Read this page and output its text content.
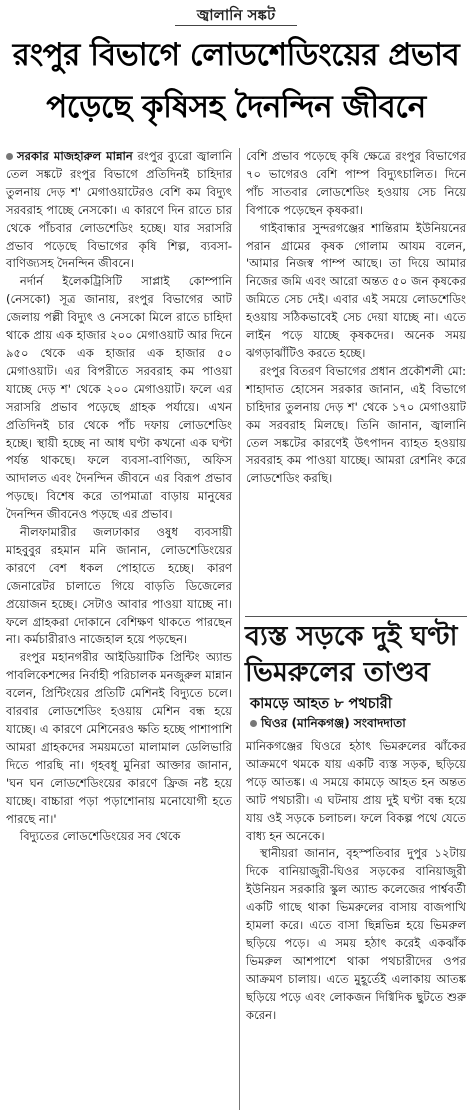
জ্বালানি সঙ্কট
রংপুর বিভাগে লোডশেডিংয়ের প্রভাব
পড়েছে কৃষিসহ দৈনন্দিন জীবনে

সরকার মাজহারুল মান্নান রংপুর ব্যুরো জ্বালানি তেল সঙ্কটে রংপুর বিভাগে প্রতিদিনই চাহিদার তুলনায় দেড় শ' মেগাওয়াটেরও বেশি কম বিদ্যুৎ সরবরাহ পাচ্ছে নেসকো। এ কারণে দিন রাতে চার থেকে পাঁচবার লোডশেডিং হচ্ছে। যার সরাসরি প্রভাব পড়েছে বিভাগের কৃষি শিল্প, ব্যবসা-বাণিজ্যসহ দৈনন্দিন জীবনে।

নর্দার্ন ইলেকট্রিসিটি সাপ্লাই কোম্পানি (নেসকো) সূত্র জানায়, রংপুর বিভাগের আট জেলায় পল্লী বিদ্যুৎ ও নেসকো মিলে রাতে চাহিদা থাকে প্রায় এক হাজার ২০০ মেগাওয়াট আর দিনে ৯৫০ থেকে এক হাজার এক হাজার ৫০ মেগাওয়াট। এর বিপরীতে সরবরাহ কম পাওয়া যাচ্ছে দেড় শ' থেকে ২০০ মেগাওয়াট। ফলে এর সরাসরি প্রভাব পড়েছে গ্রাহক পর্যায়ে। এখন প্রতিদিনই চার থেকে পাঁচ দফায় লোডশেডিং হচ্ছে। স্থায়ী হচ্ছে না আধ ঘণ্টা কখনো এক ঘণ্টা পর্যন্ত থাকছে। ফলে ব্যবসা-বাণিজ্য, অফিস আদালত এবং দৈনন্দিন জীবনে এর বিরূপ প্রভাব পড়ছে। বিশেষ করে তাপমাত্রা বাড়ায় মানুষের দৈনন্দিন জীবনেও পড়ছে এর প্রভাব।

নীলফামারীর জলঢাকার ওষুধ ব্যবসায়ী মাহবুবুর রহমান মনি জানান, লোডশেডিংয়ের কারণে বেশ ধকল পোহাতে হচ্ছে। কারণ জেনারেটর চালাতে গিয়ে বাড়তি ডিজেলের প্রয়োজন হচ্ছে। সেটাও আবার পাওয়া যাচ্ছে না। ফলে গ্রাহকরা দোকানে বেশিক্ষণ থাকতে পারছেন না। কর্মচারীরাও নাজেহাল হয়ে পড়ছেন।

রংপুর মহানগরীর আইডিয়াটিক প্রিন্টিং অ্যান্ড পাবলিকেশন্সের নির্বাহী পরিচালক মনজুরুল মান্নান বলেন, প্রিন্টিংয়ের প্রতিটি মেশিনই বিদ্যুতে চলে। বারবার লোডশেডিং হওয়ায় মেশিন বন্ধ হয়ে যাচ্ছে। এ কারণে মেশিনেরও ক্ষতি হচ্ছে পাশাপাশি আমরা গ্রাহকদের সময়মতো মালামাল ডেলিভারি দিতে পারছি না। গৃহবধূ মুনিরা আক্তার জানান, 'ঘন ঘন লোডশেডিংয়ের কারণে ফ্রিজ নষ্ট হয়ে যাচ্ছে। বাচ্চারা পড়া পড়াশোনায় মনোযোগী হতে পারছে না।'

বিদ্যুতের লোডশেডিংয়ের সব থেকে

বেশি প্রভাব পড়েছে কৃষি ক্ষেত্রে রংপুর বিভাগের ৭০ ভাগেরও বেশি পাম্প বিদ্যুৎচালিত। দিনে পাঁচ সাতবার লোডশেডিং হওয়ায় সেচ নিয়ে বিপাকে পড়েছেন কৃষকরা।

গাইবান্ধার সুন্দরগঞ্জের শান্তিরাম ইউনিয়নের পরান গ্রামের কৃষক গোলাম আযম বলেন, 'আমার নিজস্ব পাম্প আছে। তা দিয়ে আমার নিজের জমি এবং আরো অন্তত ৫০ জন কৃষকের জমিতে সেচ দেই। এবার এই সময়ে লোডশেডিং হওয়ায় সঠিকভাবেই সেচ দেয়া যাচ্ছে না। এতে লাইন পড়ে যাচ্ছে কৃষকদের। অনেক সময় ঝগড়াঝাঁটিও করতে হচ্ছে।

রংপুর বিতরণ বিভাগের প্রধান প্রকৌশলী মো: শাহাদাত হোসেন সরকার জানান, এই বিভাগে চাহিদার তুলনায় দেড় শ' থেকে ১৭০ মেগাওয়াট কম সরবরাহ মিলছে। তিনি জানান, জ্বালানি তেল সঙ্কটের কারণেই উৎপাদন ব্যাহত হওয়ায় সরবরাহ কম পাওয়া যাচ্ছে। আমরা রেশনিং করে লোডশেডিং করছি।

ব্যস্ত সড়কে দুই ঘণ্টা
ভিমরুলের তাণ্ডব
কামড়ে আহত ৮ পথচারী
ঘিওর (মানিকগঞ্জ) সংবাদদাতা

মানিকগঞ্জের ঘিওরে হঠাৎ ভিমরুলের ঝাঁকের আক্রমণে থমকে যায় একটি ব্যস্ত সড়ক, ছড়িয়ে পড়ে আতঙ্ক। এ সময়ে কামড়ে আহত হন অন্তত আট পথচারী। এ ঘটনায় প্রায় দুই ঘণ্টা বন্ধ হয়ে যায় ওই সড়কে চলাচল। ফলে বিকল্প পথে যেতে বাধ্য হন অনেকে।

স্থানীয়রা জানান, বৃহস্পতিবার দুপুর ১২টায় দিকে বানিয়াজুরী-ঘিওর সড়কের বানিয়াজুরী ইউনিয়ন সরকারি স্কুল অ্যান্ড কলেজের পার্শ্ববর্তী একটি গাছে থাকা ভিমরুলের বাসায় বাজপাখি হামলা করে। এতে বাসা ছিন্নভিন্ন হয়ে ভিমরুল ছড়িয়ে পড়ে। এ সময় হঠাৎ করেই একঝাঁক ভিমরুল আশপাশে থাকা পথচারীদের ওপর আক্রমণ চালায়। এতে মুহূর্তেই এলাকায় আতঙ্ক ছড়িয়ে পড়ে এবং লোকজন দিগ্বিদিক ছুটতে শুরু করেন।
